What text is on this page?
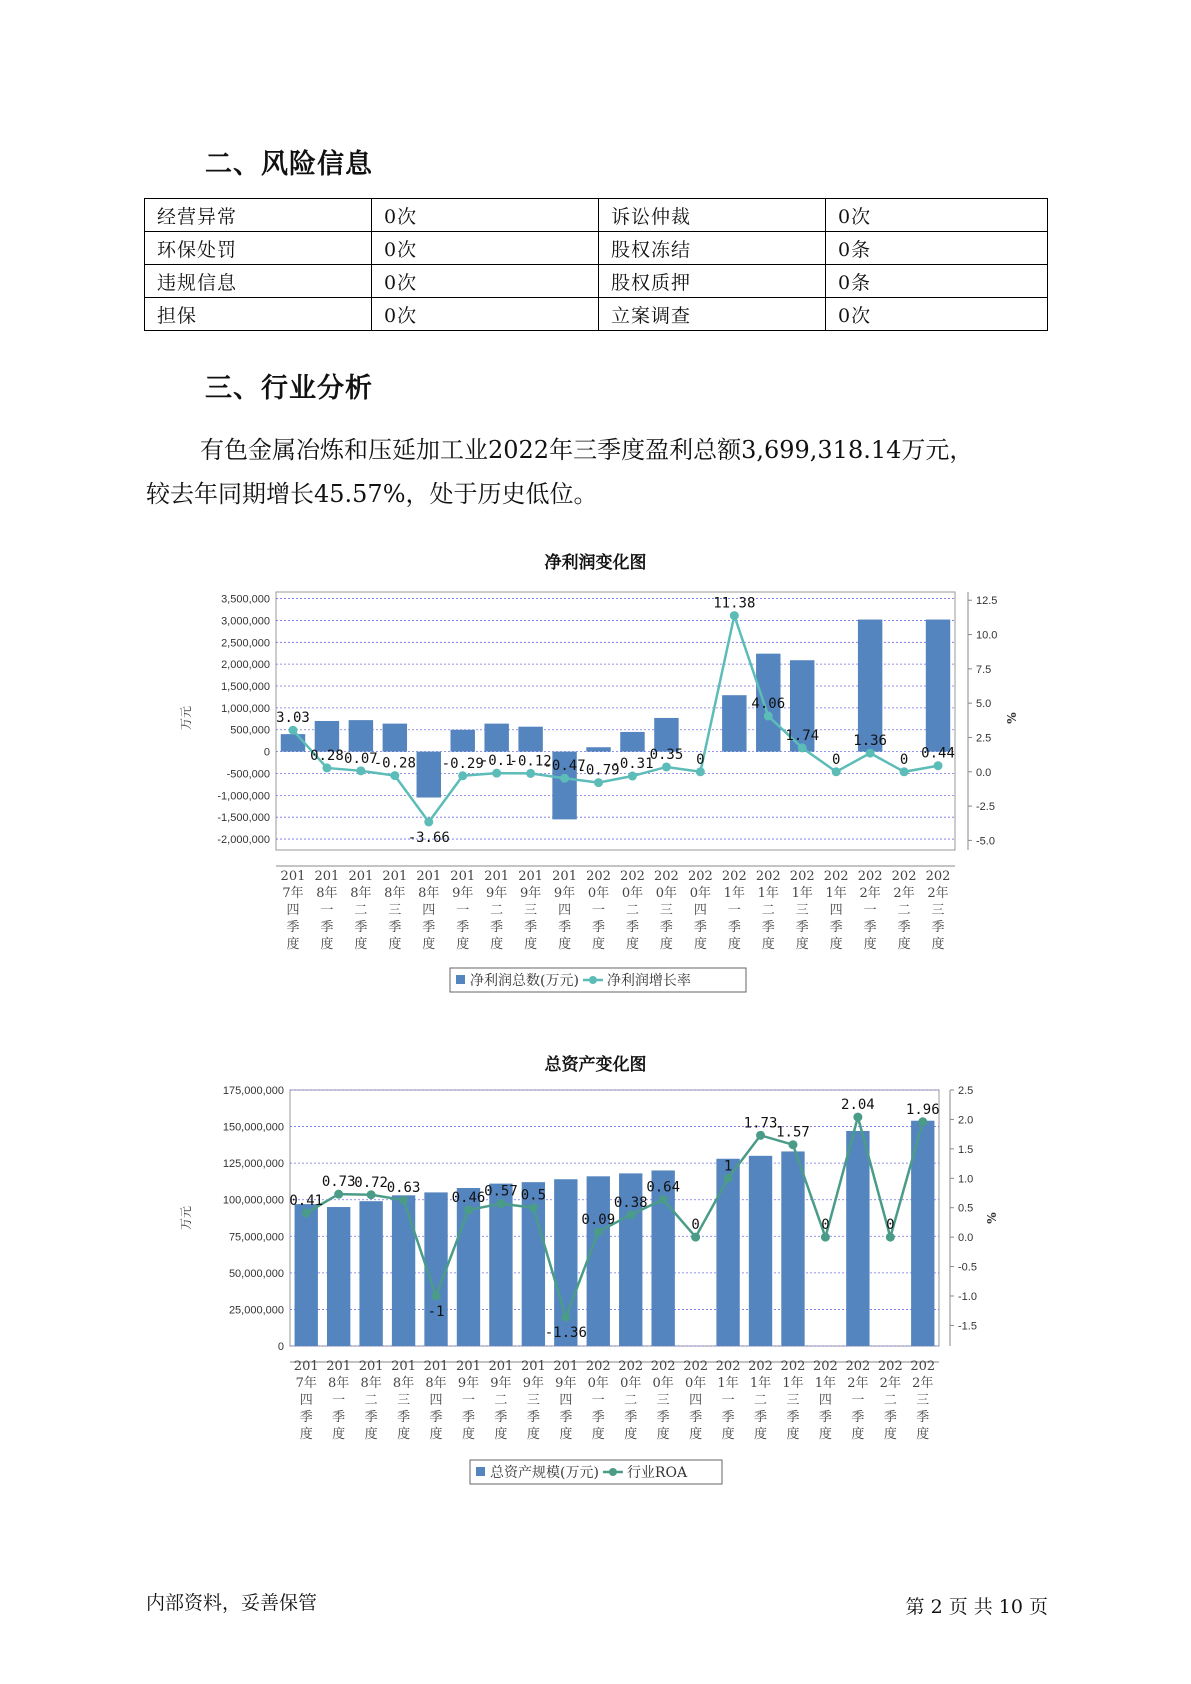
二、风险信息
经营异常	0次	诉讼仲裁	0次
环保处罚	0次	股权冻结	0条
违规信息	0次	股权质押	0条
担保	0次	立案调查	0次
三、行业分析

有色金属冶炼和压延加工业2022年三季度盈利总额3,699,318.14万元，
较去年同期增长45.57%，处于历史低位。

净利润变化图
3,500,000
3,000,000
2,500,000
2,000,000
1,500,000
1,000,000
500,000
0
-500,000
-1,000,000
-1,500,000
-2,000,000
12.5
10.0
7.5
5.0
2.5
0.0
-2.5
-5.0
万元	%
3.03
0.28 0.07
-0.28
-3.66
-0.29
-0.1
-0.12
-0.47
-0.79
-0.31
0.35 0
11.38
4.06
1.74
0
1.36
0 0.44
201
7年
四
季
度
201
8年
一
季
度
201
8年
二
季
度
201
8年
三
季
度
201
8年
四
季
度
201
9年
一
季
度
201
9年
二
季
度
201
9年
三
季
度
201
9年
四
季
度
202
0年
一
季
度
202
0年
二
季
度
202
0年
三
季
度
202
0年
四
季
度
202
1年
一
季
度
202
1年
二
季
度
202
1年
三
季
度
202
1年
四
季
度
202
2年
一
季
度
202
2年
二
季
度
202
2年
三
季
度
净利润总数(万元) 净利润增长率
总资产变化图
175,000,000
150,000,000
125,000,000
100,000,000
75,000,000
50,000,000
25,000,000
0
2.5
2.0
1.5
1.0
0.5
0.0
-0.5
-1.0
-1.5
万元	%
0.41
0.73
0.72
0.63
-1
0.46
0.57 0.5
-1.36
0.09
0.38
0.64
0
1
1.73
1.57
0
2.04
0
1.96
201
7年
四
季
度
201
8年
一
季
度
201
8年
二
季
度
201
8年
三
季
度
201
8年
四
季
度
201
9年
一
季
度
201
9年
二
季
度
201
9年
三
季
度
201
9年
四
季
度
202
0年
一
季
度
202
0年
二
季
度
202
0年
三
季
度
202
0年
四
季
度
202
1年
一
季
度
202
1年
二
季
度
202
1年
三
季
度
202
1年
四
季
度
202
2年
一
季
度
202
2年
二
季
度
202
2年
三
季
度
总资产规模(万元) 行业ROA
内部资料，妥善保管	第 2 页 共 10 页
